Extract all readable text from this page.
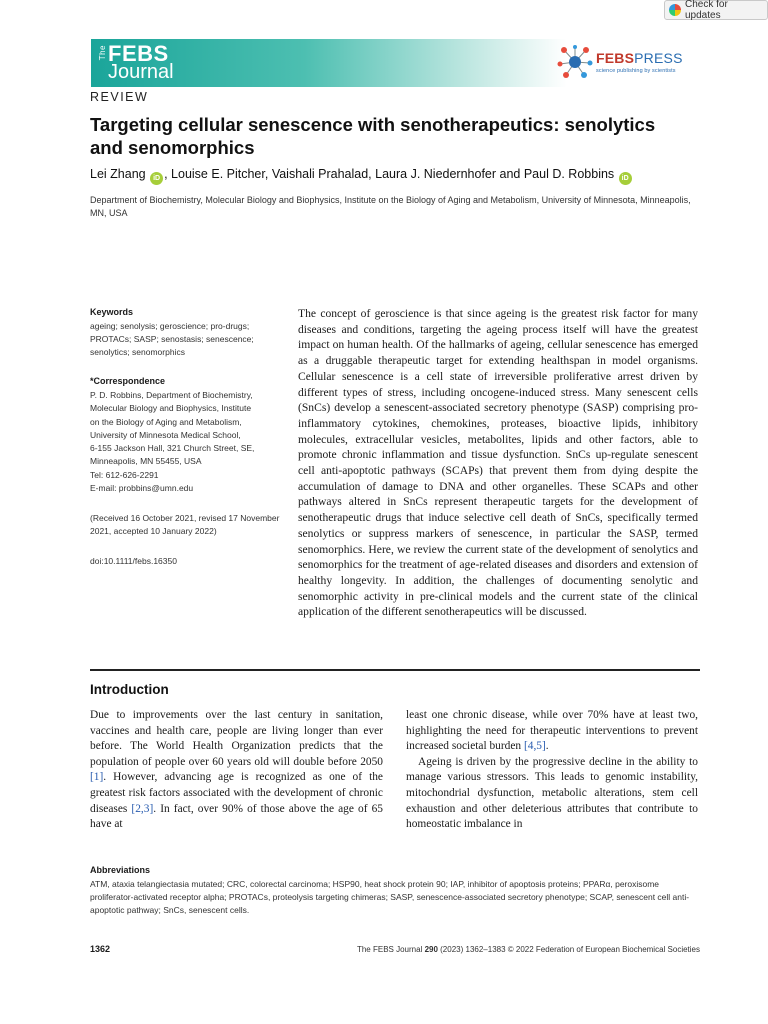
Check for updates
The FEBS
Journal
FEBSPRESS
science publishing by scientists
REVIEW
Targeting cellular senescence with senotherapeutics: senolytics and senomorphics
Lei Zhang iD , Louise E. Pitcher, Vaishali Prahalad, Laura J. Niedernhofer and Paul D. Robbins iD
Department of Biochemistry, Molecular Biology and Biophysics, Institute on the Biology of Aging and Metabolism, University of Minnesota, Minneapolis, MN, USA
Keywords
ageing; senolysis; geroscience; pro-drugs; PROTACs; SASP; senostasis; senescence; senolytics; senomorphics
*Correspondence
P. D. Robbins, Department of Biochemistry,
Molecular Biology and Biophysics, Institute
on the Biology of Aging and Metabolism,
University of Minnesota Medical School,
6-155 Jackson Hall, 321 Church Street, SE,
Minneapolis, MN 55455, USA
Tel: 612-626-2291
E-mail: probbins@umn.edu
(Received 16 October 2021, revised 17 November 2021, accepted 10 January 2022)
doi:10.1111/febs.16350
The concept of geroscience is that since ageing is the greatest risk factor for many diseases and conditions, targeting the ageing process itself will have the greatest impact on human health. Of the hallmarks of ageing, cellular senescence has emerged as a druggable therapeutic target for extending healthspan in model organisms. Cellular senescence is a cell state of irreversible proliferative arrest driven by different types of stress, including oncogene-induced stress. Many senescent cells (SnCs) develop a senescent-associated secretory phenotype (SASP) comprising pro-inflammatory cytokines, chemokines, proteases, bioactive lipids, inhibitory molecules, extracellular vesicles, metabolites, lipids and other factors, able to promote chronic inflammation and tissue dysfunction. SnCs up-regulate senescent cell anti-apoptotic pathways (SCAPs) that prevent them from dying despite the accumulation of damage to DNA and other organelles. These SCAPs and other pathways altered in SnCs represent therapeutic targets for the development of senotherapeutic drugs that induce selective cell death of SnCs, specifically termed senolytics or suppress markers of senescence, in particular the SASP, termed senomorphics. Here, we review the current state of the development of senolytics and senomorphics for the treatment of age-related diseases and disorders and extension of healthy longevity. In addition, the challenges of documenting senolytic and senomorphic activity in pre-clinical models and the current state of the clinical application of the different senotherapeutics will be discussed.
Introduction
Due to improvements over the last century in sanitation, vaccines and health care, people are living longer than ever before. The World Health Organization predicts that the population of people over 60 years old will double before 2050 [1]. However, advancing age is recognized as one of the greatest risk factors associated with the development of chronic diseases [2,3]. In fact, over 90% of those above the age of 65 have at
least one chronic disease, while over 70% have at least two, highlighting the need for therapeutic interventions to prevent increased societal burden [4,5].
Ageing is driven by the progressive decline in the ability to manage various stressors. This leads to genomic instability, mitochondrial dysfunction, metabolic alterations, stem cell exhaustion and other deleterious attributes that contribute to homeostatic imbalance in
Abbreviations
ATM, ataxia telangiectasia mutated; CRC, colorectal carcinoma; HSP90, heat shock protein 90; IAP, inhibitor of apoptosis proteins; PPARα, peroxisome proliferator-activated receptor alpha; PROTACs, proteolysis targeting chimeras; SASP, senescence-associated secretory phenotype; SCAP, senescent cell anti-apoptotic pathway; SnCs, senescent cells.
1362	The FEBS Journal 290 (2023) 1362–1383 © 2022 Federation of European Biochemical Societies
